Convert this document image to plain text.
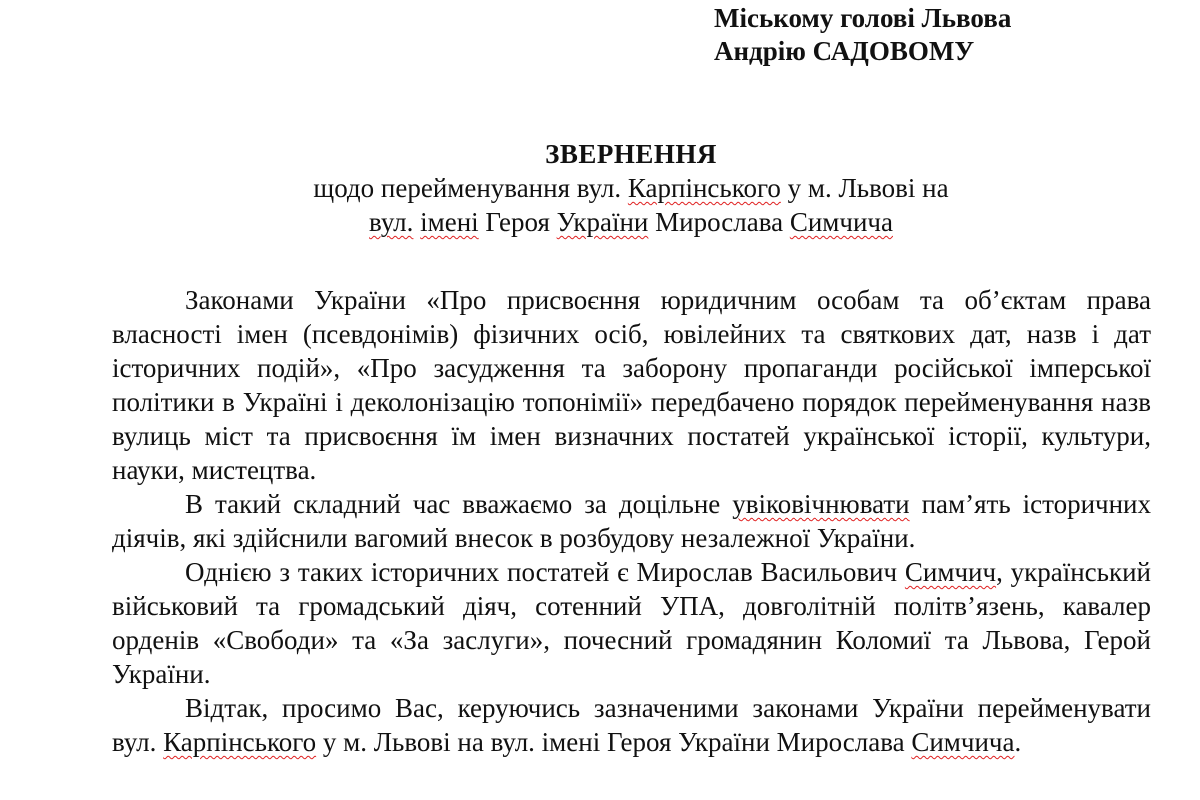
Міському голові Львова
Андрію САДОВОМУ
ЗВЕРНЕННЯ
щодо перейменування вул. Карпінського у м. Львові на
вул. імені Героя України Мирослава Симчича

Законами України «Про присвоєння юридичним особам та об’єктам права власності імен (псевдонімів) фізичних осіб, ювілейних та святкових дат, назв і дат історичних подій», «Про засудження та заборону пропаганди російської імперської політики в Україні і деколонізацію топонімії» передбачено порядок перейменування назв вулиць міст та присвоєння їм імен визначних постатей української історії, культури, науки, мистецтва.

В такий складний час вважаємо за доцільне увіковічнювати пам’ять історичних діячів, які здійснили вагомий внесок в розбудову незалежної України.

Однією з таких історичних постатей є Мирослав Васильович Симчич, український військовий та громадський діяч, сотенний УПА, довголітній політв’язень, кавалер орденів «Свободи» та «За заслуги», почесний громадянин Коломиї та Львова, Герой України.

Відтак, просимо Вас, керуючись зазначеними законами України перейменувати вул. Карпінського у м. Львові на вул. імені Героя України Мирослава Симчича.
